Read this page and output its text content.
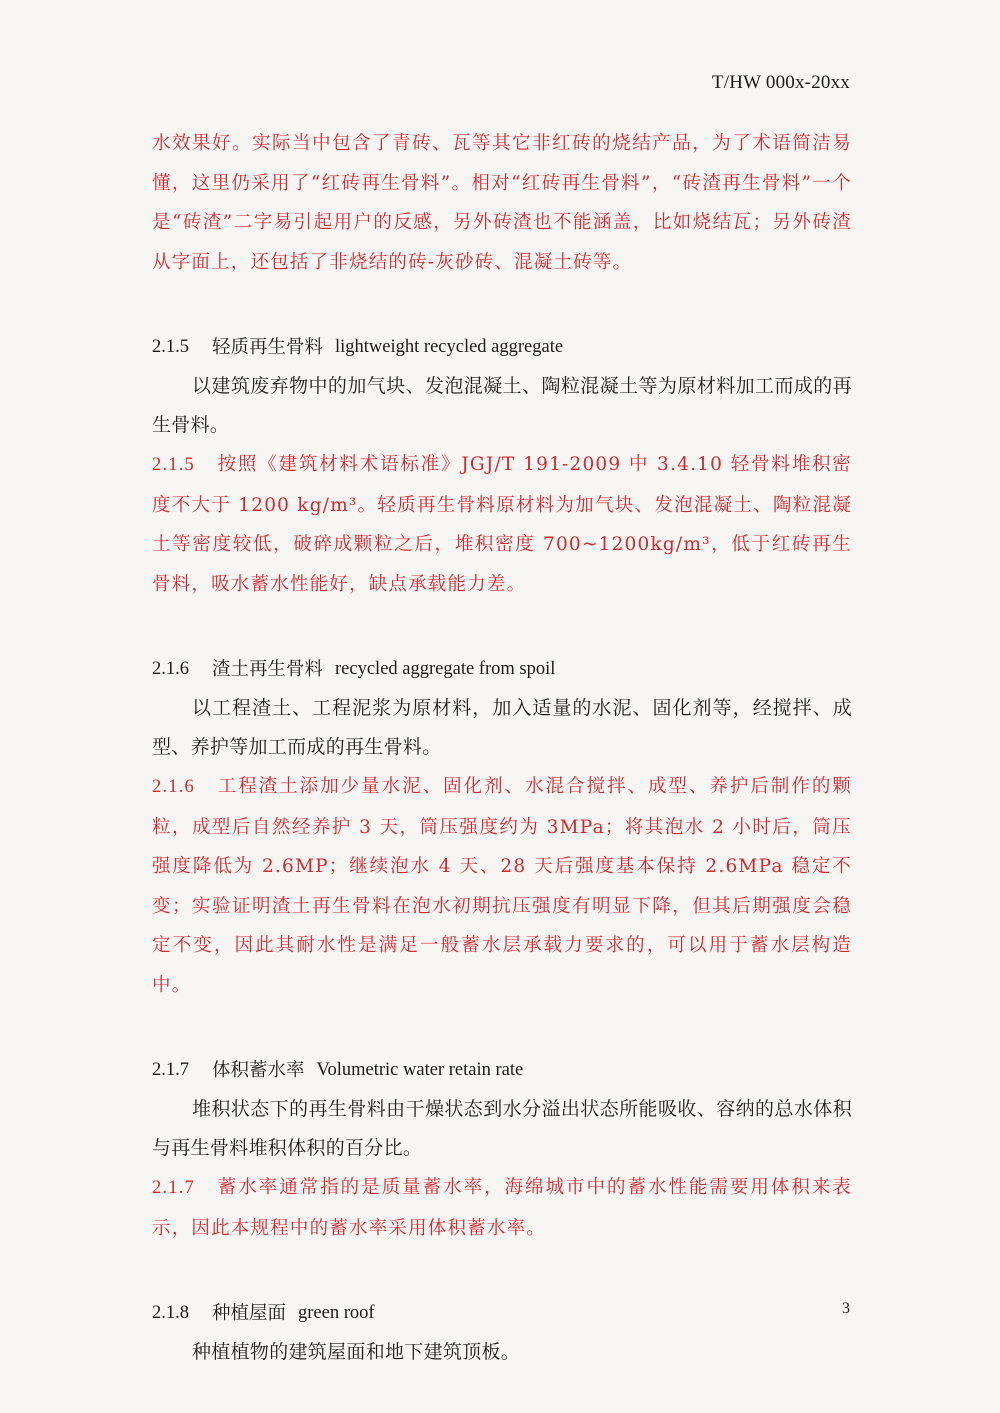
T/HW 000x-20xx
水效果好。实际当中包含了青砖、瓦等其它非红砖的烧结产品，为了术语简洁易懂，这里仍采用了“红砖再生骨料”。相对“红砖再生骨料”，“砖渣再生骨料”一个是“砖渣”二字易引起用户的反感，另外砖渣也不能涵盖，比如烧结瓦；另外砖渣从字面上，还包括了非烧结的砖-灰砂砖、混凝土砖等。
2.1.5	轻质再生骨料 lightweight recycled aggregate
以建筑废弃物中的加气块、发泡混凝土、陶粒混凝土等为原材料加工而成的再生骨料。
2.1.5 按照《建筑材料术语标准》JGJ/T 191-2009 中 3.4.10 轻骨料堆积密度不大于 1200 kg/m³。轻质再生骨料原材料为加气块、发泡混凝土、陶粒混凝土等密度较低，破碎成颗粒之后，堆积密度 700~1200kg/m³，低于红砖再生骨料，吸水蓄水性能好，缺点承载能力差。
2.1.6	渣土再生骨料 recycled aggregate from spoil
以工程渣土、工程泥浆为原材料，加入适量的水泥、固化剂等，经搅拌、成型、养护等加工而成的再生骨料。
2.1.6 工程渣土添加少量水泥、固化剂、水混合搅拌、成型、养护后制作的颗粒，成型后自然经养护 3 天，筒压强度约为 3MPa；将其泡水 2 小时后，筒压强度降低为 2.6MP；继续泡水 4 天、28 天后强度基本保持 2.6MPa 稳定不变；实验证明渣土再生骨料在泡水初期抗压强度有明显下降，但其后期强度会稳定不变，因此其耐水性是满足一般蓄水层承载力要求的，可以用于蓄水层构造中。
2.1.7	体积蓄水率 Volumetric water retain rate
堆积状态下的再生骨料由干燥状态到水分溢出状态所能吸收、容纳的总水体积与再生骨料堆积体积的百分比。
2.1.7 蓄水率通常指的是质量蓄水率，海绵城市中的蓄水性能需要用体积来表示，因此本规程中的蓄水率采用体积蓄水率。
2.1.8	种植屋面 green roof
种植植物的建筑屋面和地下建筑顶板。
3
